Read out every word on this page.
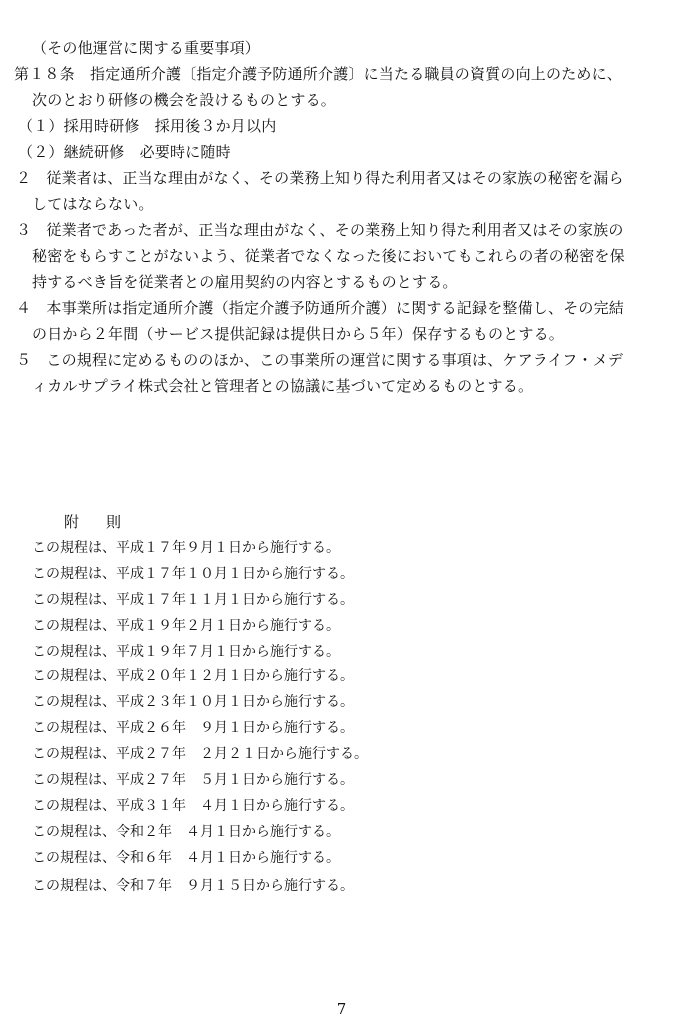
（その他運営に関する重要事項）
第１８条　指定通所介護〔指定介護予防通所介護〕に当たる職員の資質の向上のために、
次のとおり研修の機会を設けるものとする。
（１）採用時研修　採用後３か月以内
（２）継続研修　必要時に随時
２　従業者は、正当な理由がなく、その業務上知り得た利用者又はその家族の秘密を漏ら
してはならない。
３　従業者であった者が、正当な理由がなく、その業務上知り得た利用者又はその家族の
秘密をもらすことがないよう、従業者でなくなった後においてもこれらの者の秘密を保
持するべき旨を従業者との雇用契約の内容とするものとする。
４　本事業所は指定通所介護（指定介護予防通所介護）に関する記録を整備し、その完結
の日から２年間（サービス提供記録は提供日から５年）保存するものとする。
５　この規程に定めるもののほか、この事業所の運営に関する事項は、ケアライフ・メデ
ィカルサプライ株式会社と管理者との協議に基づいて定めるものとする。
附　則
この規程は、平成１７年９月１日から施行する。
この規程は、平成１７年１０月１日から施行する。
この規程は、平成１７年１１月１日から施行する。
この規程は、平成１９年２月１日から施行する。
この規程は、平成１９年７月１日から施行する。
この規程は、平成２０年１２月１日から施行する。
この規程は、平成２３年１０月１日から施行する。
この規程は、平成２６年　９月１日から施行する。
この規程は、平成２７年　２月２１日から施行する。
この規程は、平成２７年　５月１日から施行する。
この規程は、平成３１年　４月１日から施行する。
この規程は、令和２年　４月１日から施行する。
この規程は、令和６年　４月１日から施行する。
この規程は、令和７年　９月１５日から施行する。
7
